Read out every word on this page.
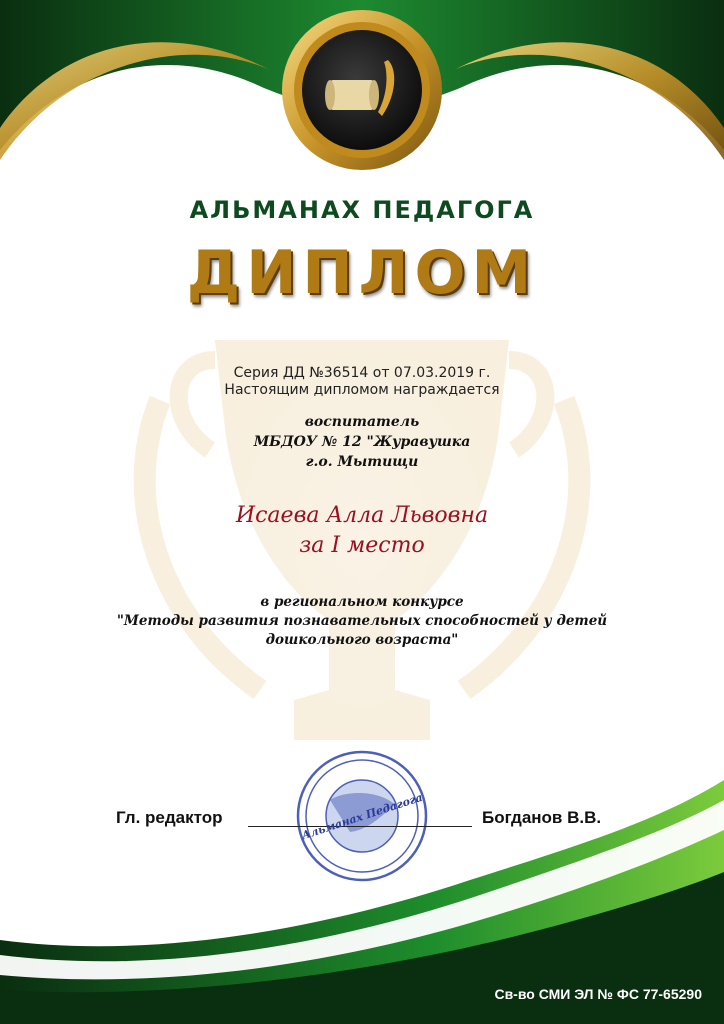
АЛЬМАНАХ ПЕДАГОГА
ДИПЛОМ
Серия ДД №36514 от 07.03.2019 г.
Настоящим дипломом награждается
воспитатель
МБДОУ № 12 "Журавушка
г.о. Мытищи
Исаева Алла Львовна
за I место
в региональном конкурсе
"Методы развития познавательных способностей у детей
дошкольного возраста"
Гл. редактор	Богданов В.В.
Альманах Педагога
Св-во СМИ ЭЛ № ФС 77-65290
